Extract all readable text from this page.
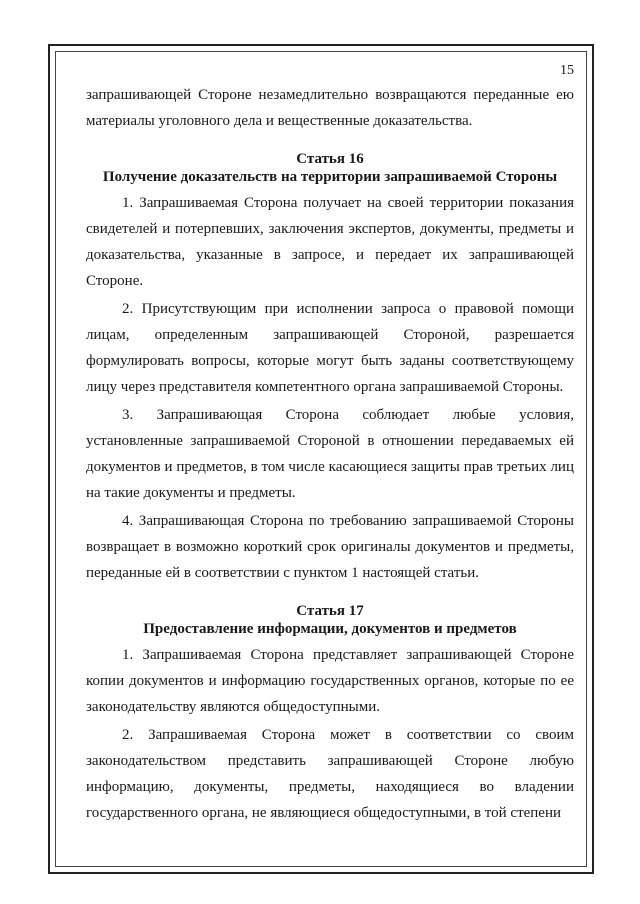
15

запрашивающей Стороне незамедлительно возвращаются переданные ею материалы уголовного дела и вещественные доказательства.

Статья 16

Получение доказательств на территории запрашиваемой Стороны

1. Запрашиваемая Сторона получает на своей территории показания свидетелей и потерпевших, заключения экспертов, документы, предметы и доказательства, указанные в запросе, и передает их запрашивающей Стороне.

2. Присутствующим при исполнении запроса о правовой помощи лицам, определенным запрашивающей Стороной, разрешается формулировать вопросы, которые могут быть заданы соответствующему лицу через представителя компетентного органа запрашиваемой Стороны.

3. Запрашивающая Сторона соблюдает любые условия, установленные запрашиваемой Стороной в отношении передаваемых ей документов и предметов, в том числе касающиеся защиты прав третьих лиц на такие документы и предметы.

4. Запрашивающая Сторона по требованию запрашиваемой Стороны возвращает в возможно короткий срок оригиналы документов и предметы, переданные ей в соответствии с пунктом 1 настоящей статьи.

Статья 17

Предоставление информации, документов и предметов

1. Запрашиваемая Сторона представляет запрашивающей Стороне копии документов и информацию государственных органов, которые по ее законодательству являются общедоступными.

2. Запрашиваемая Сторона может в соответствии со своим законодательством представить запрашивающей Стороне любую информацию, документы, предметы, находящиеся во владении государственного органа, не являющиеся общедоступными, в той степени
